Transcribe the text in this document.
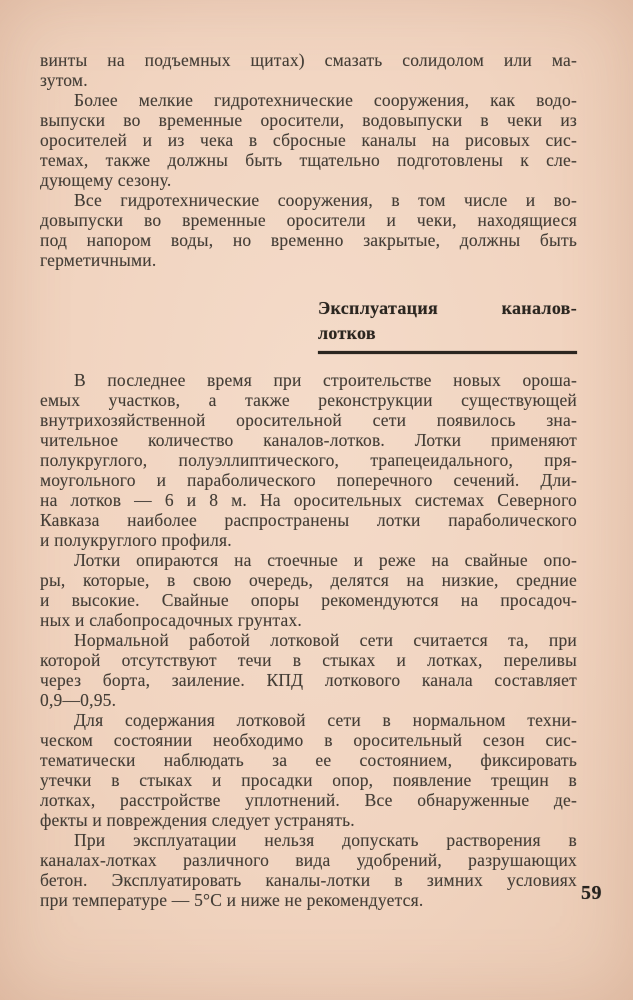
винты на подъемных щитах) смазать солидолом или ма-
зутом.
Более мелкие гидротехнические сооружения, как водо-
выпуски во временные оросители, водовыпуски в чеки из
оросителей и из чека в сбросные каналы на рисовых сис-
темах, также должны быть тщательно подготовлены к сле-
дующему сезону.
Все гидротехнические сооружения, в том числе и во-
довыпуски во временные оросители и чеки, находящиеся
под напором воды, но временно закрытые, должны быть
герметичными.
Эксплуатация каналов-
лотков
В последнее время при строительстве новых ороша-
емых участков, а также реконструкции существующей
внутрихозяйственной оросительной сети появилось зна-
чительное количество каналов-лотков. Лотки применяют
полукруглого, полуэллиптического, трапецеидального, пря-
моугольного и параболического поперечного сечений. Дли-
на лотков — 6 и 8 м. На оросительных системах Северного
Кавказа наиболее распространены лотки параболического
и полукруглого профиля.
Лотки опираются на стоечные и реже на свайные опо-
ры, которые, в свою очередь, делятся на низкие, средние
и высокие. Свайные опоры рекомендуются на просадоч-
ных и слабопросадочных грунтах.
Нормальной работой лотковой сети считается та, при
которой отсутствуют течи в стыках и лотках, переливы
через борта, заиление. КПД лоткового канала составляет
0,9—0,95.
Для содержания лотковой сети в нормальном техни-
ческом состоянии необходимо в оросительный сезон сис-
тематически наблюдать за ее состоянием, фиксировать
утечки в стыках и просадки опор, появление трещин в
лотках, расстройстве уплотнений. Все обнаруженные де-
фекты и повреждения следует устранять.
При эксплуатации нельзя допускать растворения в
каналах-лотках различного вида удобрений, разрушающих
бетон. Эксплуатировать каналы-лотки в зимних условиях
при температуре — 5°С и ниже не рекомендуется.	59
